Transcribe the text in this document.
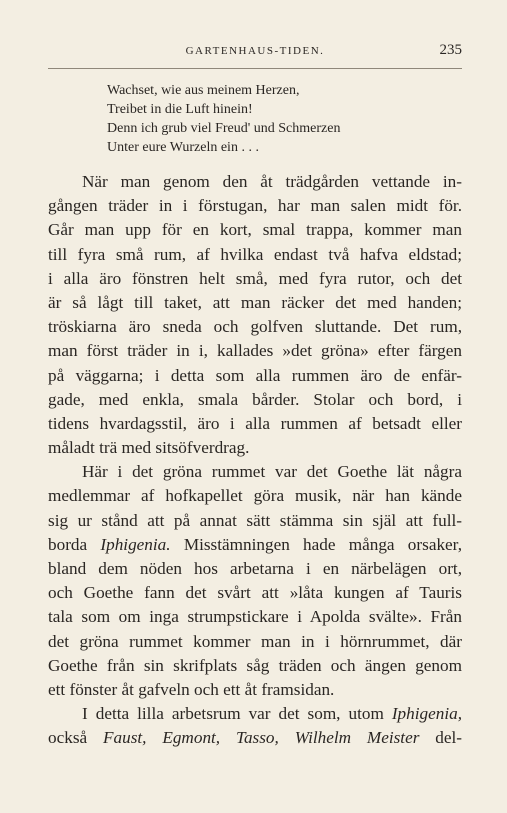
GARTENHAUS-TIDEN.	235
Wachset, wie aus meinem Herzen,
Treibet in die Luft hinein!
Denn ich grub viel Freud' und Schmerzen
Unter eure Wurzeln ein . . .
När man genom den åt trädgården vettande in-
gången träder in i förstugan, har man salen midt för.
Går man upp för en kort, smal trappa, kommer man
till fyra små rum, af hvilka endast två hafva eldstad;
i alla äro fönstren helt små, med fyra rutor, och det
är så lågt till taket, att man räcker det med handen;
tröskiarna äro sneda och golfven sluttande. Det rum,
man först träder in i, kallades »det gröna» efter färgen
på väggarna; i detta som alla rummen äro de enfär-
gade, med enkla, smala bårder. Stolar och bord, i
tidens hvardagsstil, äro i alla rummen af betsadt eller
måladt trä med sitsöfverdrag.
Här i det gröna rummet var det Goethe lät några
medlemmar af hofkapellet göra musik, när han kände
sig ur stånd att på annat sätt stämma sin själ att full-
borda Iphigenia. Misstämningen hade många orsaker,
bland dem nöden hos arbetarna i en närbelägen ort,
och Goethe fann det svårt att »låta kungen af Tauris
tala som om inga strumpstickare i Apolda svälte». Från
det gröna rummet kommer man in i hörnrummet, där
Goethe från sin skrifplats såg träden och ängen genom
ett fönster åt gafveln och ett åt framsidan.
I detta lilla arbetsrum var det som, utom Iphigenia,
också Faust, Egmont, Tasso, Wilhelm Meister del-
